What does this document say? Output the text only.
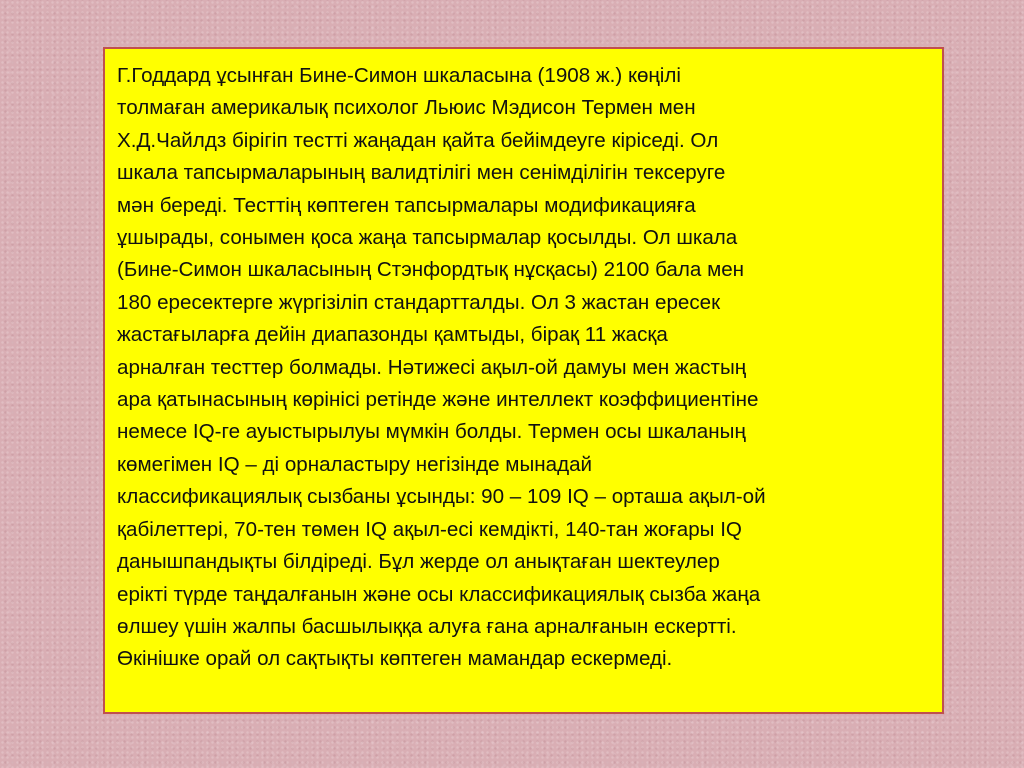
Г.Годдард ұсынған Бине-Симон шкаласына (1908 ж.) көңілі
толмаған америкалық психолог Льюис Мэдисон Термен мен
Х.Д.Чайлдз бірігіп тестті жаңадан қайта бейімдеуге кіріседі. Ол
шкала тапсырмаларының валидтілігі мен сенімділігін тексеруге
мән береді. Тесттің көптеген тапсырмалары модификацияға
ұшырады, сонымен қоса жаңа тапсырмалар қосылды. Ол шкала
(Бине-Симон шкаласының Стэнфордтық нұсқасы) 2100 бала мен
180 ересектерге жүргізіліп стандартталды. Ол 3 жастан ересек
жастағыларға дейін диапазонды қамтыды, бірақ 11 жасқа
арналған тесттер болмады. Нәтижесі ақыл-ой дамуы мен жастың
ара қатынасының көрінісі ретінде және интеллект коэффициентіне
немесе IQ-ге ауыстырылуы мүмкін болды. Термен осы шкаланың
көмегімен IQ – ді орналастыру негізінде мынадай
классификациялық сызбаны ұсынды: 90 – 109 IQ – орташа ақыл-ой
қабілеттері, 70-тен төмен IQ ақыл-есі кемдікті, 140-тан жоғары IQ
данышпандықты білдіреді. Бұл жерде ол анықтаған шектеулер
ерікті түрде таңдалғанын және осы классификациялық сызба жаңа
өлшеу үшін жалпы басшылыққа алуға ғана арналғанын ескертті.
Өкінішке орай ол сақтықты көптеген мамандар ескермеді.
